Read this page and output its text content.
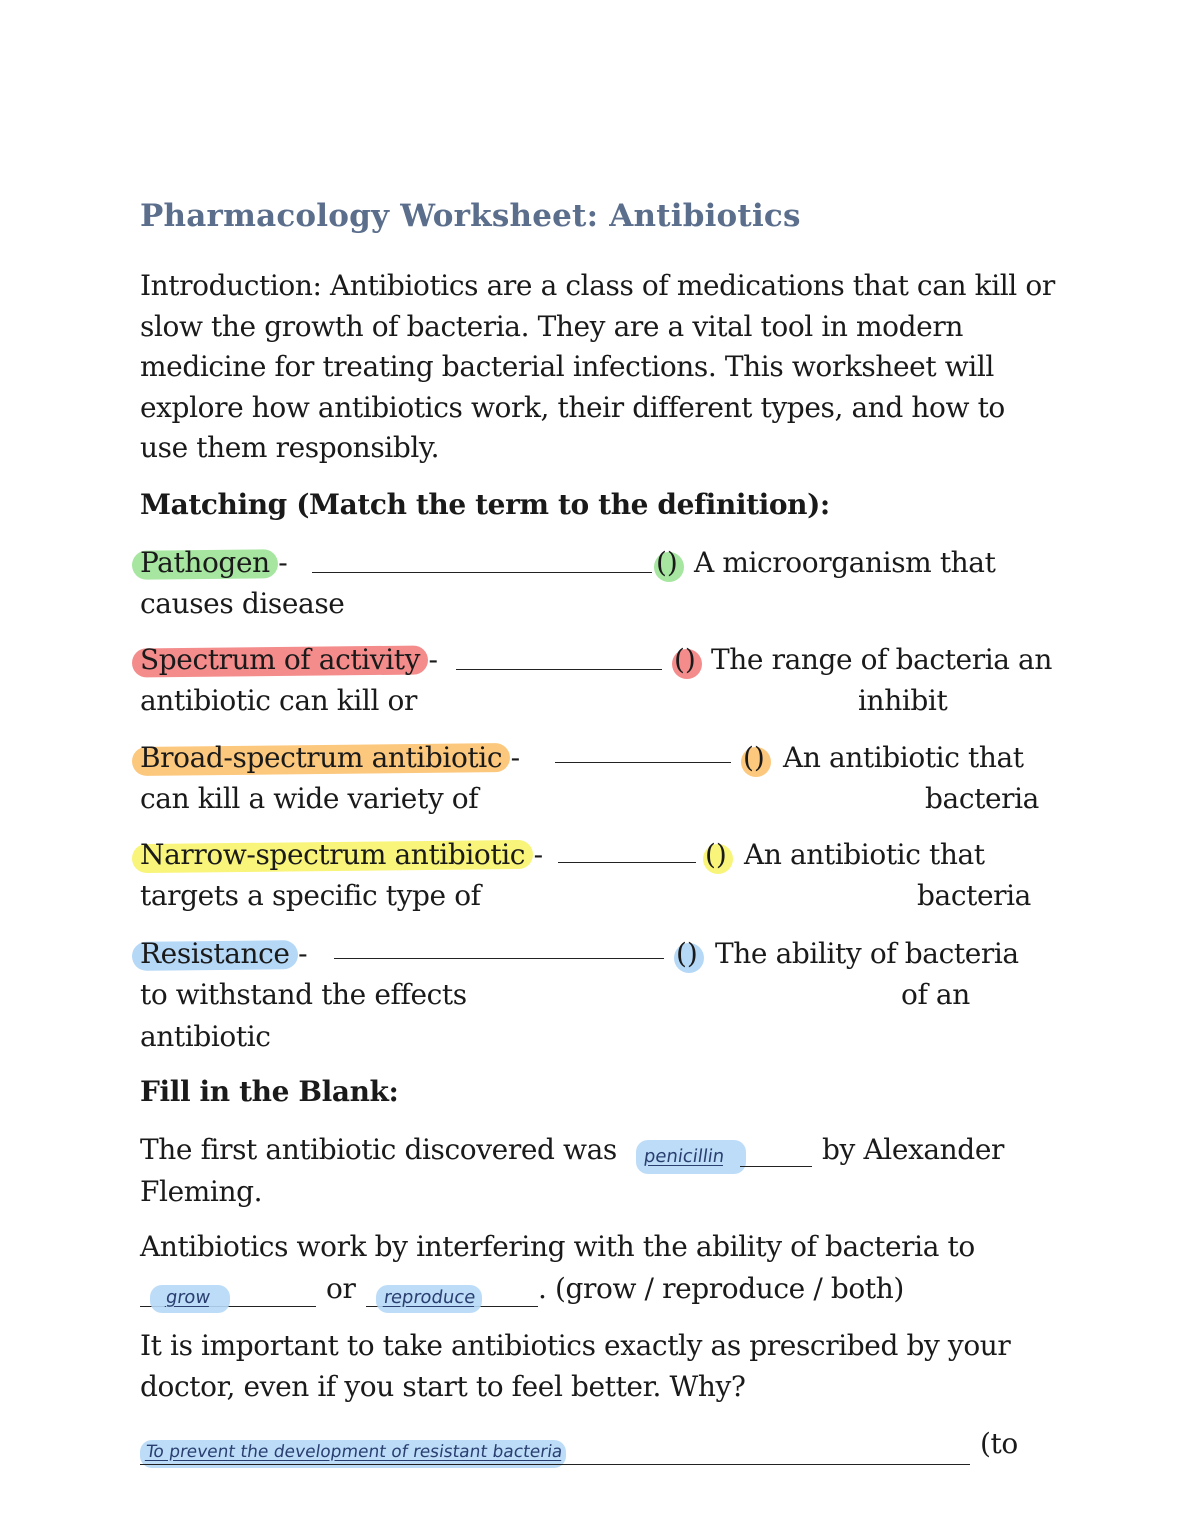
Pharmacology Worksheet: Antibiotics

Introduction: Antibiotics are a class of medications that can kill or slow the growth of bacteria. They are a vital tool in modern medicine for treating bacterial infections. This worksheet will explore how antibiotics work, their different types, and how to use them responsibly.

Matching (Match the term to the definition):
Pathogen -	() A microorganism that
causes disease
Spectrum of activity -	() The range of bacteria an
antibiotic can kill or	inhibit
Broad-spectrum antibiotic -	() An antibiotic that
can kill a wide variety of	bacteria
Narrow-spectrum antibiotic -	() An antibiotic that
targets a specific type of	bacteria
Resistance -	() The ability of bacteria
to withstand the effects	of an
antibiotic
Fill in the Blank:
The first antibiotic discovered was penicillin	by Alexander
Fleming.
Antibiotics work by interfering with the ability of bacteria to
grow	or reproduce . (grow / reproduce / both)
It is important to take antibiotics exactly as prescribed by your
doctor, even if you start to feel better. Why?
To prevent the development of resistant bacteria	(to
